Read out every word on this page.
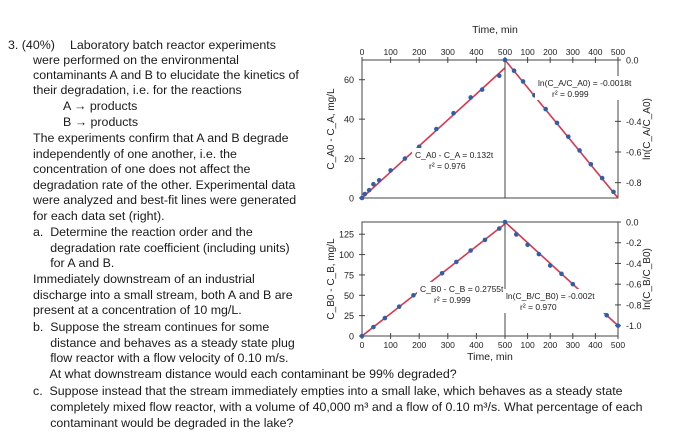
3. (40%) Laboratory batch reactor experiments
were performed on the environmental
contaminants A and B to elucidate the kinetics of
their degradation, i.e. for the reactions
A → products
B → products
The experiments confirm that A and B degrade
independently of one another, i.e. the
concentration of one does not affect the
degradation rate of the other. Experimental data
were analyzed and best-fit lines were generated
for each data set (right).
a.  Determine the reaction order and the
degradation rate coefficient (including units)
for A and B.
Immediately downstream of an industrial
discharge into a small stream, both A and B are
present at a concentration of 10 mg/L.
b.  Suppose the stream continues for some
distance and behaves as a steady state plug
flow reactor with a flow velocity of 0.10 m/s.
At what downstream distance would each contaminant be 99% degraded?
c.  Suppose instead that the stream immediately empties into a small lake, which behaves as a steady state
completely mixed flow reactor, with a volume of 40,000 m³ and a flow of 0.10 m³/s. What percentage of each
contaminant would be degraded in the lake?
Time, min
Time, min
0
20
40
60
C_A0 - C_A = 0.132t
r² = 0.976
C_A0 - C_A, mg/L
0.0
-0.4
-0.6
-0.8
ln(C_A/C_A0) = -0.0018t
r² = 0.999
ln(C_A/C_A0)
0
25
50
75
100
125
C_B0 - C_B = 0.2755t
r² = 0.999
C_B0 - C_B, mg/L
0.0
-0.2
-0.4
-0.6
-0.8
-1.0
ln(C_B/C_B0) = -0.002t
r² = 0.970	ln(C_B/C_B0)
0 100 200 300 400 500 100 200 300 400 500
0 100 200 300 400 500 100 200 300 400 500
